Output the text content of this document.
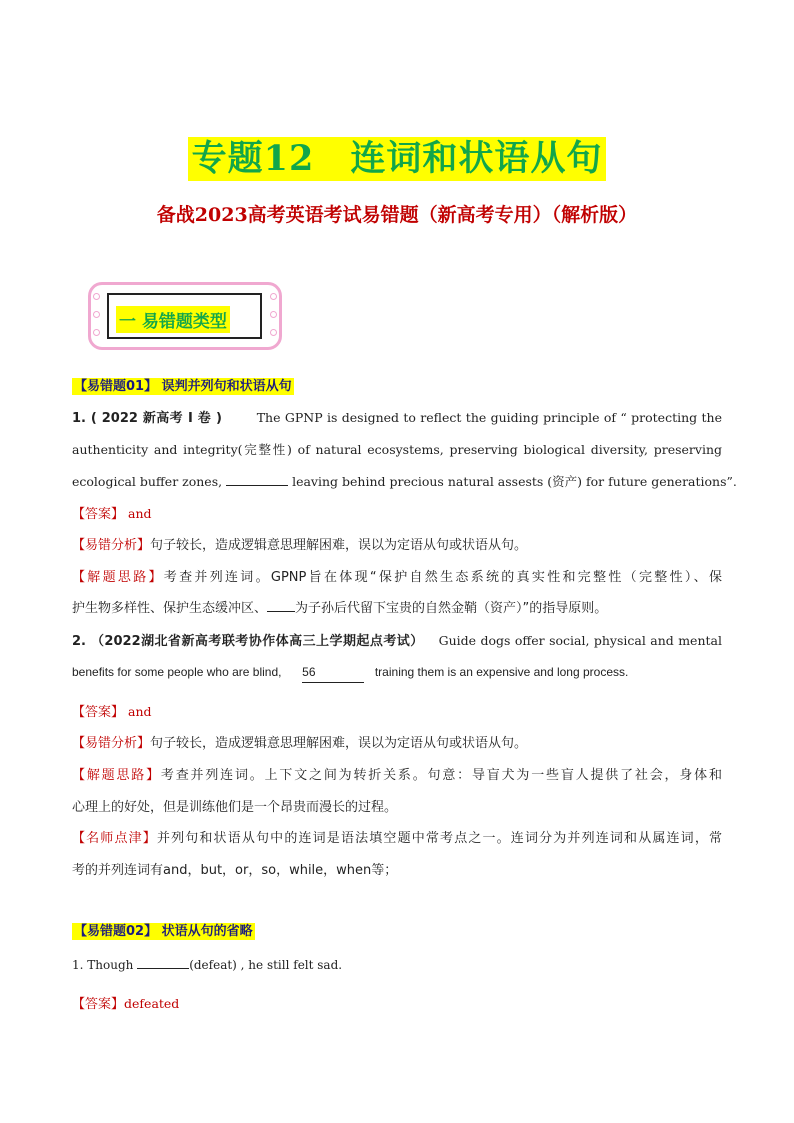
专题12　连词和状语从句
备战2023高考英语考试易错题（新高考专用）（解析版）
一 易错题类型
【易错题01】 误判并列句和状语从句
1. ( 2022 新高考 I 卷 )	The GPNP is designed to reflect the guiding principle of “ protecting the
authenticity and integrity(完整性) of natural ecosystems, preserving biological diversity, preserving
ecological buffer zones,	leaving behind precious natural assests (资产) for future generations”.
【答案】 and
【易错分析】句子较长，造成逻辑意思理解困难，误以为定语从句或状语从句。
【解题思路】考查并列连词。GPNP旨在体现“保护自然生态系统的真实性和完整性（完整性）、保
护生物多样性、保护生态缓冲区、 为子孙后代留下宝贵的自然金鞘（资产）”的指导原则。
2. （2022湖北省新高考联考协作体高三上学期起点考试） Guide dogs offer social, physical and mental
benefits for some people who are blind, 56	training them is an expensive and long process.
【答案】 and
【易错分析】句子较长，造成逻辑意思理解困难，误以为定语从句或状语从句。
【解题思路】考查并列连词。上下文之间为转折关系。句意：导盲犬为一些盲人提供了社会，身体和
心理上的好处，但是训练他们是一个昂贵而漫长的过程。
【名师点津】并列句和状语从句中的连词是语法填空题中常考点之一。连词分为并列连词和从属连词，常
考的并列连词有and，but，or，so，while，when等；
【易错题02】 状语从句的省略
1. Though	(defeat) , he still felt sad.
【答案】defeated
